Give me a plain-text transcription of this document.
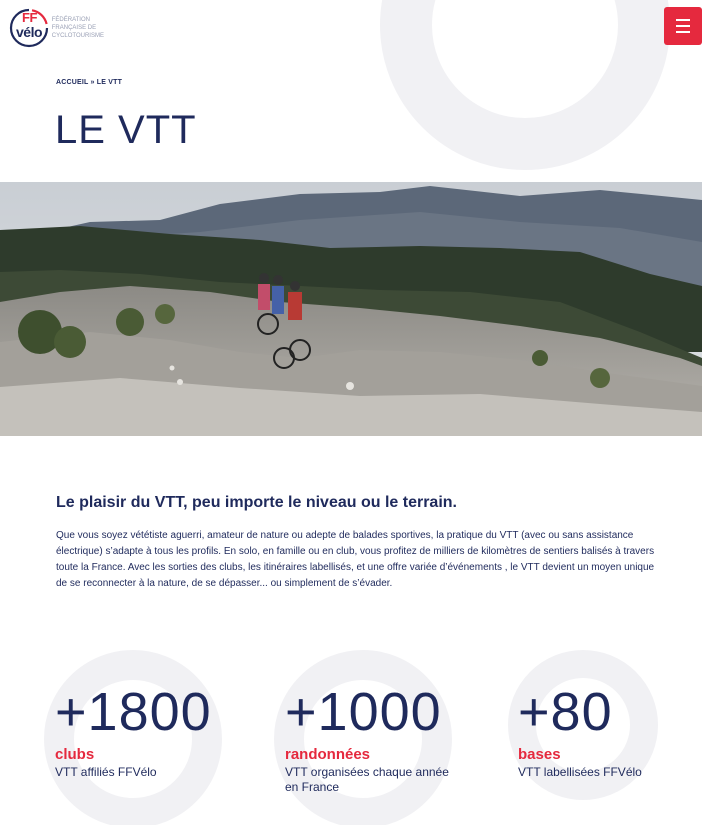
FF
vélo
FÉDÉRATION FRANÇAISE DE CYCLOTOURISME
ACCUEIL » LE VTT
LE VTT
Le plaisir du VTT, peu importe le niveau ou le terrain.

Que vous soyez vététiste aguerri, amateur de nature ou adepte de balades sportives, la pratique du VTT (avec ou sans assistance électrique) s’adapte à tous les profils. En solo, en famille ou en club, vous profitez de milliers de kilomètres de sentiers balisés à travers toute la France. Avec les sorties des clubs, les itinéraires labellisés, et une offre variée d’événements , le VTT devient un moyen unique de se reconnecter à la nature, de se dépasser... ou simplement de s’évader.

+1800
clubs
VTT affiliés FFVélo
+1000
randonnées
VTT organisées chaque année en France
+80
bases
VTT labellisées FFVélo
